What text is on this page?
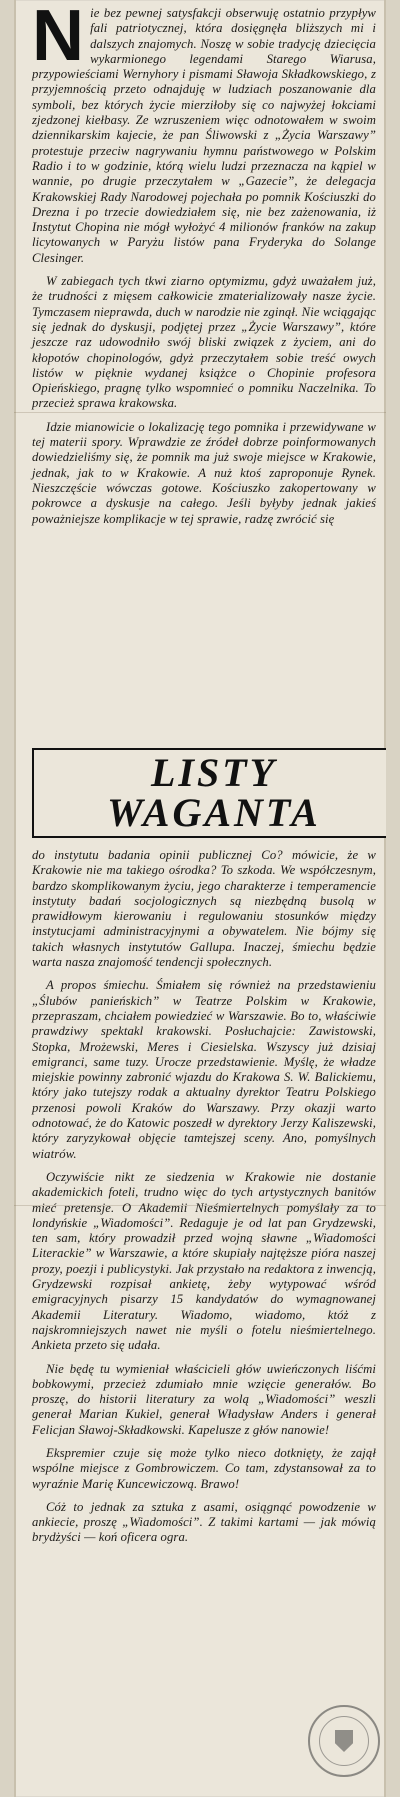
Nie bez pewnej satysfakcji obserwuję ostatnio przypływ fali patriotycznej, która dosięgnęła bliższych mi i dalszych znajomych. Noszę w sobie tradycję dziecięcia wykarmionego legendami Starego Wiarusa, przypowieściami Wernyhory i pismami Sławoja Składkowskiego, z przyjemnością przeto odnajduję w ludziach poszanowanie dla symboli, bez których życie mierziłoby się co najwyżej łokciami zjedzonej kiełbasy. Ze wzruszeniem więc odnotowałem w swoim dziennikarskim kajecie, że pan Śliwowski z „Życia Warszawy” protestuje przeciw nagrywaniu hymnu państwowego w Polskim Radio i to w godzinie, którą wielu ludzi przeznacza na kąpiel w wannie, po drugie przeczytałem w „Gazecie”, że delegacja Krakowskiej Rady Narodowej pojechała po pomnik Kościuszki do Drezna i po trzecie dowiedziałem się, nie bez zażenowania, iż Instytut Chopina nie mógł wyłożyć 4 milionów franków na zakup licytowanych w Paryżu listów pana Fryderyka do Solange Clesinger.

W zabiegach tych tkwi ziarno optymizmu, gdyż uważałem już, że trudności z mięsem całkowicie zmaterializowały nasze życie. Tymczasem nieprawda, duch w narodzie nie zginął. Nie wciągając się jednak do dyskusji, podjętej przez „Życie Warszawy”, które jeszcze raz udowodniło swój bliski związek z życiem, ani do kłopotów chopinologów, gdyż przeczytałem sobie treść owych listów w pięknie wydanej książce o Chopinie profesora Opieńskiego, pragnę tylko wspomnieć o pomniku Naczelnika. To przecież sprawa krakowska.

Idzie mianowicie o lokalizację tego pomnika i przewidywane w tej materii spory. Wprawdzie ze źródeł dobrze poinformowanych dowiedzieliśmy się, że pomnik ma już swoje miejsce w Krakowie, jednak, jak to w Krakowie. A nuż ktoś zaproponuje Rynek. Nieszczęście wówczas gotowe. Kościuszko zakopertowany w pokrowce a dyskusje na całego. Jeśli byłyby jednak jakieś poważniejsze komplikacje w tej sprawie, radzę zwrócić się

LISTY
WAGANTA

do instytutu badania opinii publicznej Co? mówicie, że w Krakowie nie ma takiego ośrodka? To szkoda. We współczesnym, bardzo skomplikowanym życiu, jego charakterze i temperamencie instytuty badań socjologicznych są niezbędną busolą w prawidłowym kierowaniu i regulowaniu stosunków między instytucjami administracyjnymi a obywatelem. Nie bójmy się takich własnych instytutów Gallupa. Inaczej, śmiechu będzie warta nasza znajomość tendencji społecznych.

A propos śmiechu. Śmiałem się również na przedstawieniu „Ślubów panieńskich” w Teatrze Polskim w Krakowie, przepraszam, chciałem powiedzieć w Warszawie. Bo to, właściwie prawdziwy spektakl krakowski. Posłuchajcie: Zawistowski, Stopka, Mrożewski, Meres i Ciesielska. Wszyscy już dzisiaj emigranci, same tuzy. Urocze przedstawienie. Myślę, że władze miejskie powinny zabronić wjazdu do Krakowa S. W. Balickiemu, który jako tutejszy rodak a aktualny dyrektor Teatru Polskiego przenosi powoli Kraków do Warszawy. Przy okazji warto odnotować, że do Katowic poszedł w dyrektory Jerzy Kaliszewski, który zaryzykował objęcie tamtejszej sceny. Ano, pomyślnych wiatrów.

Oczywiście nikt ze siedzenia w Krakowie nie dostanie akademickich foteli, trudno więc do tych artystycznych banitów mieć pretensje. O Akademii Nieśmiertelnych pomyślały za to londyńskie „Wiadomości”. Redaguje je od lat pan Grydzewski, ten sam, który prowadził przed wojną sławne „Wiadomości Literackie” w Warszawie, a które skupiały najtęższe pióra naszej prozy, poezji i publicystyki. Jak przystało na redaktora z inwencją, Grydzewski rozpisał ankietę, żeby wytypować wśród emigracyjnych pisarzy 15 kandydatów do wymagnowanej Akademii Literatury. Wiadomo, wiadomo, któż z najskromniejszych nawet nie myśli o fotelu nieśmiertelnego. Ankieta przeto się udała.

Nie będę tu wymieniał właścicieli głów uwieńczonych liśćmi bobkowymi, przecież zdumiało mnie wzięcie generałów. Bo proszę, do historii literatury za wolą „Wiadomości” weszli generał Marian Kukiel, generał Władysław Anders i generał Felicjan Sławoj-Składkowski. Kapelusze z głów nanowie!

Ekspremier czuje się może tylko nieco dotknięty, że zajął wspólne miejsce z Gombrowiczem. Co tam, zdystansował za to wyraźnie Marię Kuncewiczową. Brawo!

Cóż to jednak za sztuka z asami, osiągnąć powodzenie w ankiecie, proszę „Wiadomości”. Z takimi kartami — jak mówią brydżyści — koń oficera ogra.
